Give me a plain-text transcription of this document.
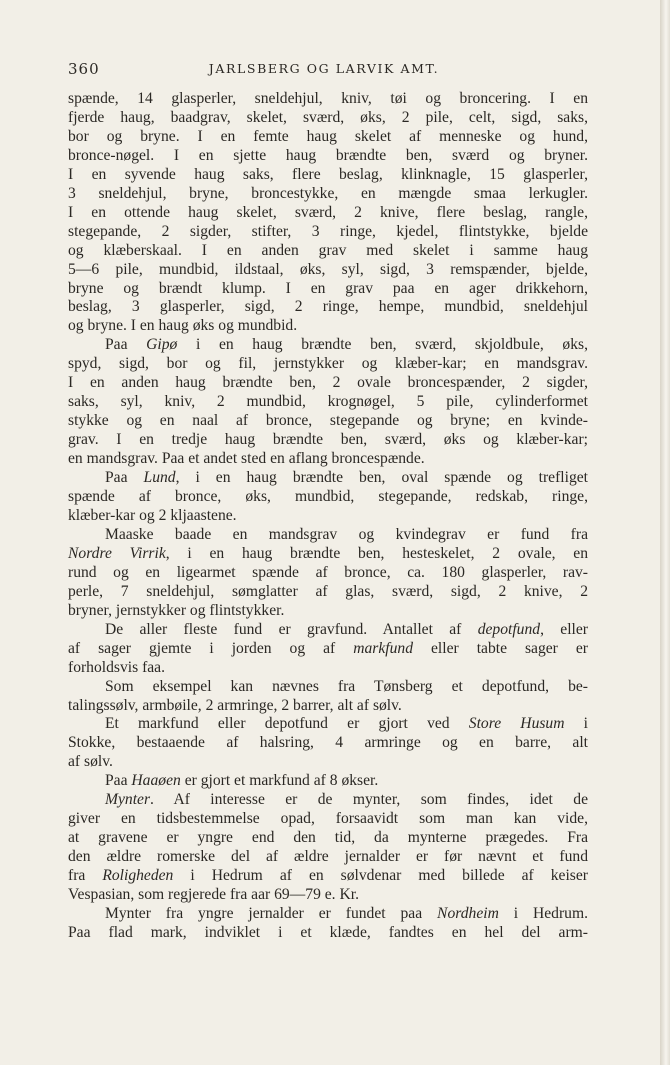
360	JARLSBERG OG LARVIK AMT.
spænde, 14 glasperler, sneldehjul, kniv, tøi og broncering. I en
fjerde haug, baadgrav, skelet, sværd, øks, 2 pile, celt, sigd, saks,
bor og bryne. I en femte haug skelet af menneske og hund,
bronce-nøgel. I en sjette haug brændte ben, sværd og bryner.
I en syvende haug saks, flere beslag, klinknagle, 15 glasperler,
3 sneldehjul, bryne, broncestykke, en mængde smaa lerkugler.
I en ottende haug skelet, sværd, 2 knive, flere beslag, rangle,
stegepande, 2 sigder, stifter, 3 ringe, kjedel, flintstykke, bjelde
og klæberskaal. I en anden grav med skelet i samme haug
5—6 pile, mundbid, ildstaal, øks, syl, sigd, 3 remspænder, bjelde,
bryne og brændt klump. I en grav paa en ager drikkehorn,
beslag, 3 glasperler, sigd, 2 ringe, hempe, mundbid, sneldehjul
og bryne. I en haug øks og mundbid.
Paa Gipø i en haug brændte ben, sværd, skjoldbule, øks,
spyd, sigd, bor og fil, jernstykker og klæber-kar; en mandsgrav.
I en anden haug brændte ben, 2 ovale broncespænder, 2 sigder,
saks, syl, kniv, 2 mundbid, krognøgel, 5 pile, cylinderformet
stykke og en naal af bronce, stegepande og bryne; en kvinde-
grav. I en tredje haug brændte ben, sværd, øks og klæber-kar;
en mandsgrav. Paa et andet sted en aflang broncespænde.
Paa Lund, i en haug brændte ben, oval spænde og trefliget
spænde af bronce, øks, mundbid, stegepande, redskab, ringe,
klæber-kar og 2 kljaastene.
Maaske baade en mandsgrav og kvindegrav er fund fra
Nordre Virrik, i en haug brændte ben, hesteskelet, 2 ovale, en
rund og en ligearmet spænde af bronce, ca. 180 glasperler, rav-
perle, 7 sneldehjul, sømglatter af glas, sværd, sigd, 2 knive, 2
bryner, jernstykker og flintstykker.
De aller fleste fund er gravfund. Antallet af depotfund, eller
af sager gjemte i jorden og af markfund eller tabte sager er
forholdsvis faa.
Som eksempel kan nævnes fra Tønsberg et depotfund, be-
talingssølv, armbøile, 2 armringe, 2 barrer, alt af sølv.
Et markfund eller depotfund er gjort ved Store Husum i
Stokke, bestaaende af halsring, 4 armringe og en barre, alt
af sølv.
Paa Haaøen er gjort et markfund af 8 økser.
Mynter. Af interesse er de mynter, som findes, idet de
giver en tidsbestemmelse opad, forsaavidt som man kan vide,
at gravene er yngre end den tid, da mynterne prægedes. Fra
den ældre romerske del af ældre jernalder er før nævnt et fund
fra Roligheden i Hedrum af en sølvdenar med billede af keiser
Vespasian, som regjerede fra aar 69—79 e. Kr.
Mynter fra yngre jernalder er fundet paa Nordheim i Hedrum.
Paa flad mark, indviklet i et klæde, fandtes en hel del arm-
